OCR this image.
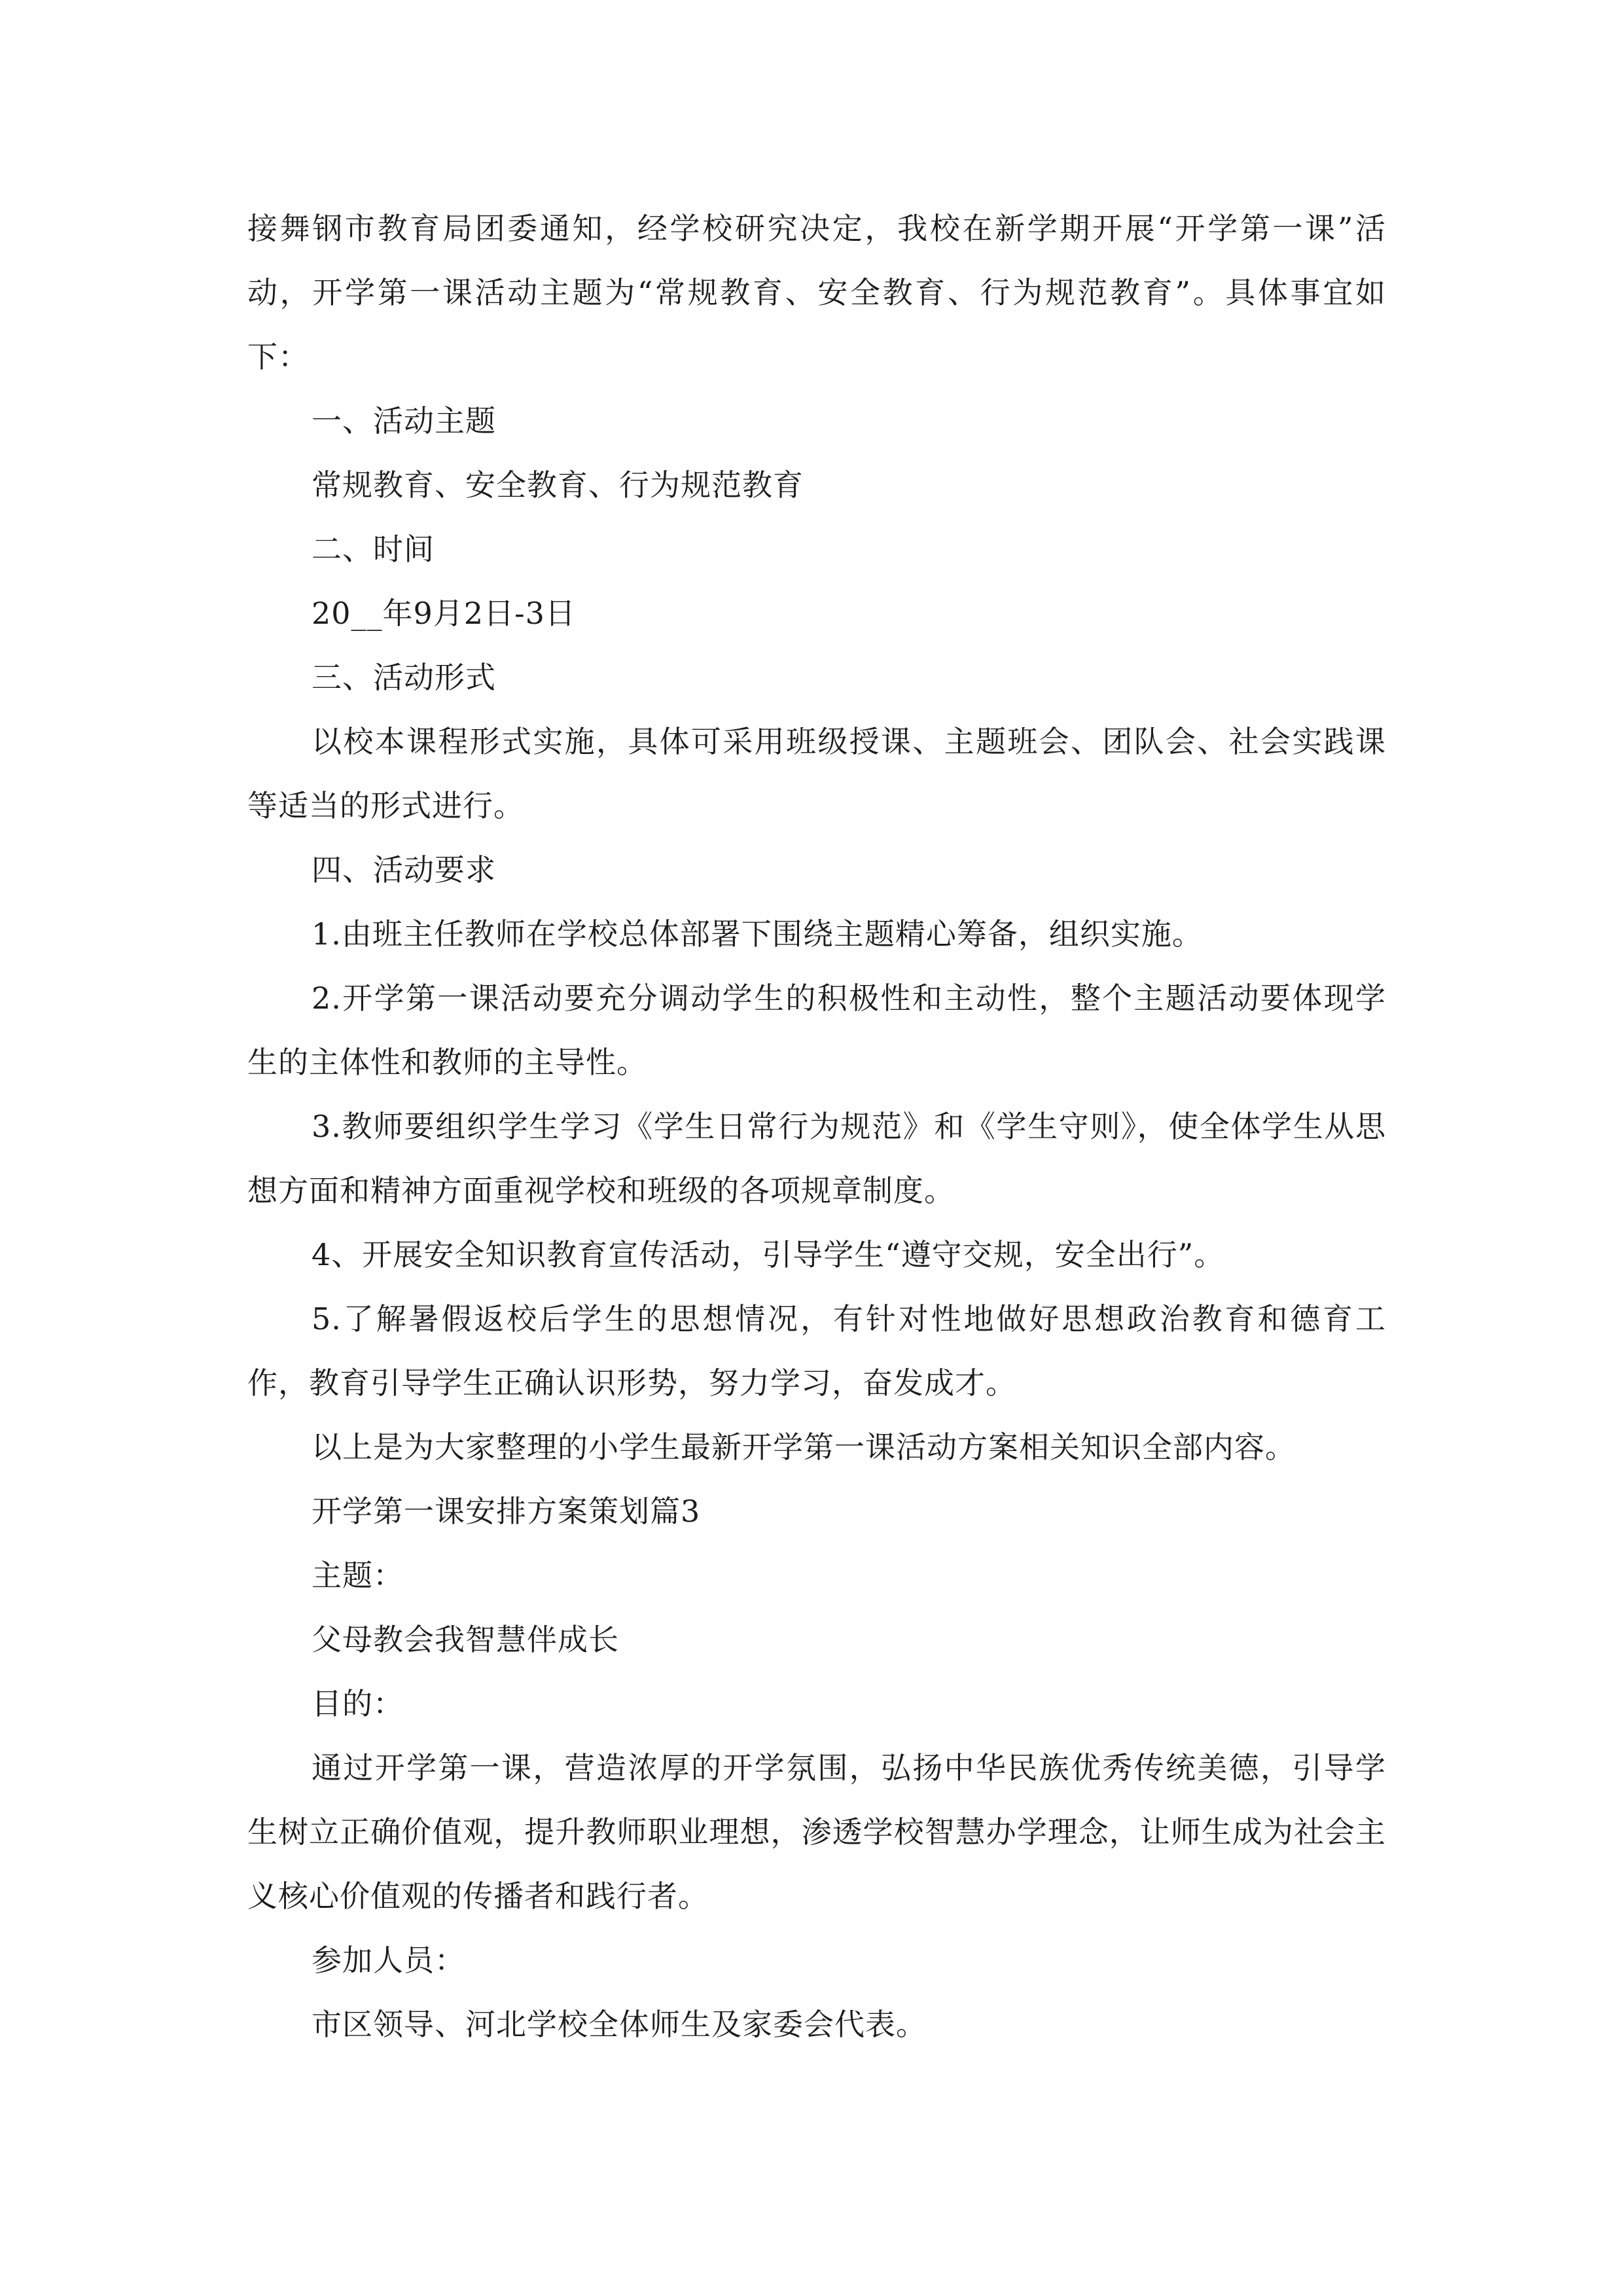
接舞钢市教育局团委通知，经学校研究决定，我校在新学期开展“开学第一课”活动，开学第一课活动主题为“常规教育、安全教育、行为规范教育”。具体事宜如下：

一、活动主题

常规教育、安全教育、行为规范教育

二、时间

20__年9月2日-3日

三、活动形式

以校本课程形式实施，具体可采用班级授课、主题班会、团队会、社会实践课等适当的形式进行。

四、活动要求

1.由班主任教师在学校总体部署下围绕主题精心筹备，组织实施。

2.开学第一课活动要充分调动学生的积极性和主动性，整个主题活动要体现学生的主体性和教师的主导性。

3.教师要组织学生学习《学生日常行为规范》和《学生守则》，使全体学生从思想方面和精神方面重视学校和班级的各项规章制度。

4、开展安全知识教育宣传活动，引导学生“遵守交规，安全出行”。

5.了解暑假返校后学生的思想情况，有针对性地做好思想政治教育和德育工作，教育引导学生正确认识形势，努力学习，奋发成才。

以上是为大家整理的小学生最新开学第一课活动方案相关知识全部内容。

开学第一课安排方案策划篇3

主题：

父母教会我智慧伴成长

目的：

通过开学第一课，营造浓厚的开学氛围，弘扬中华民族优秀传统美德，引导学生树立正确价值观，提升教师职业理想，渗透学校智慧办学理念，让师生成为社会主义核心价值观的传播者和践行者。

参加人员：

市区领导、河北学校全体师生及家委会代表。
